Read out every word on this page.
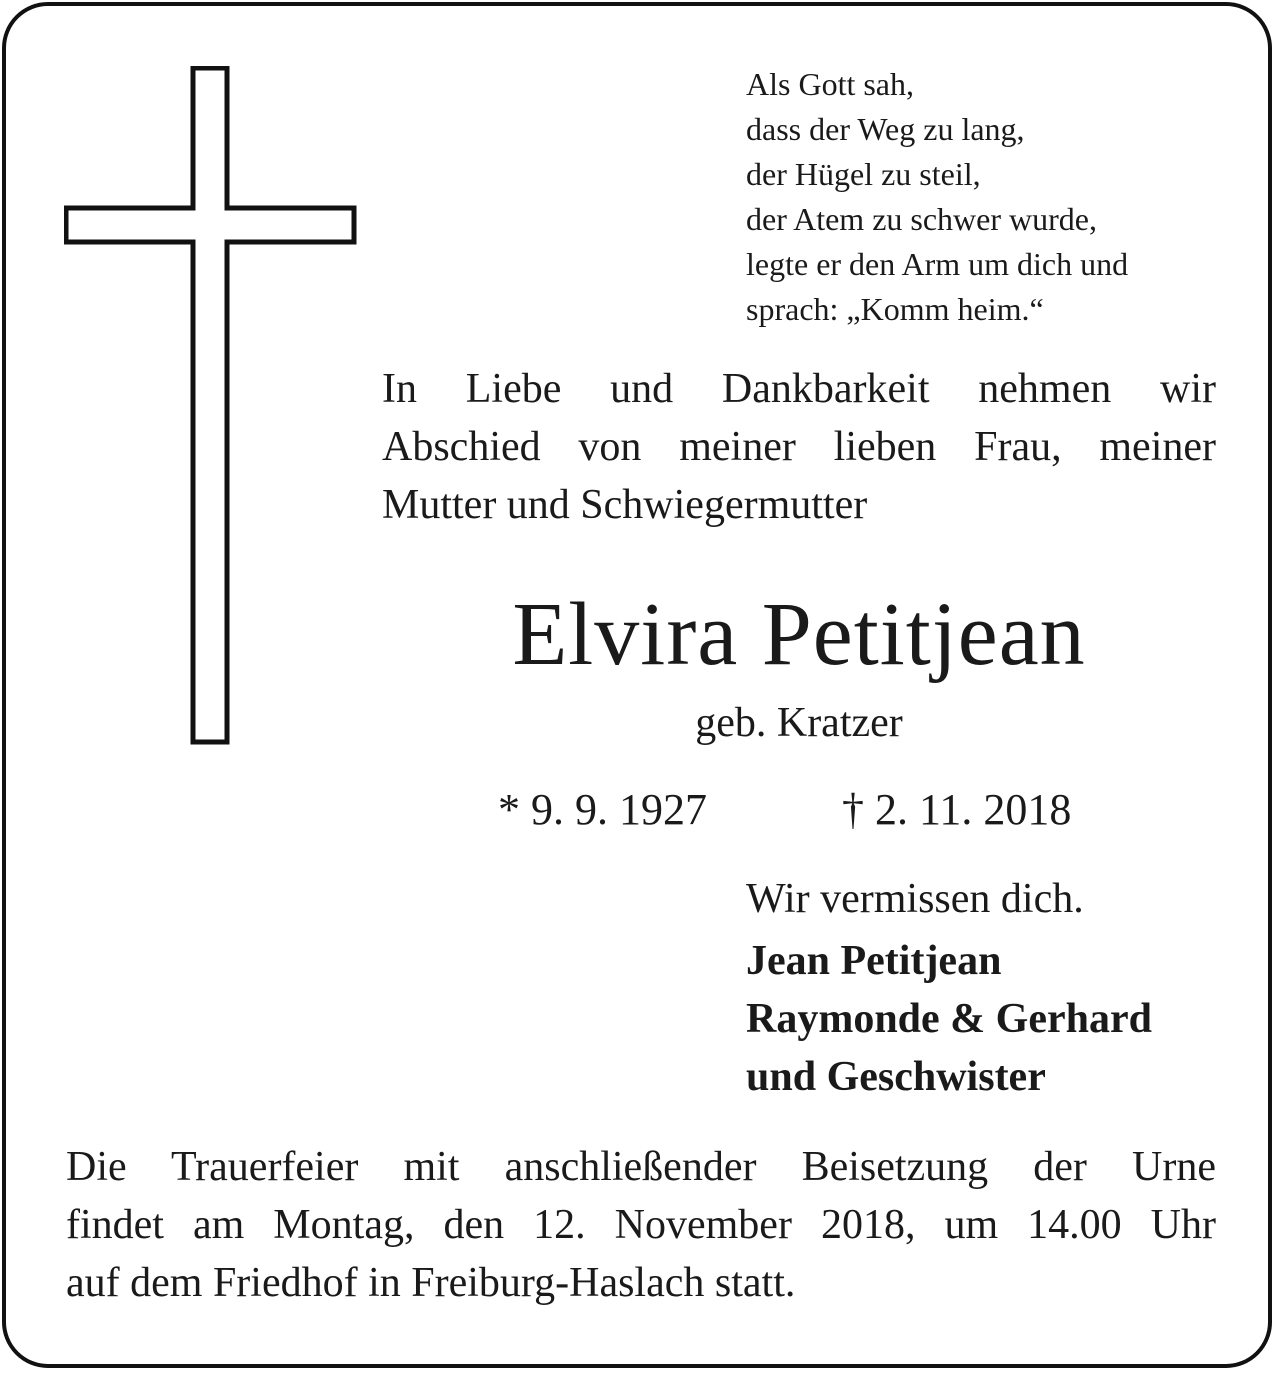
Als Gott sah,
dass der Weg zu lang,
der Hügel zu steil,
der Atem zu schwer wurde,
legte er den Arm um dich und
sprach: „Komm heim.“
In Liebe und Dankbarkeit nehmen wir
Abschied von meiner lieben Frau, meiner
Mutter und Schwiegermutter
Elvira Petitjean
geb. Kratzer
* 9. 9. 1927	† 2. 11. 2018
Wir vermissen dich.
Jean Petitjean
Raymonde & Gerhard
und Geschwister
Die Trauerfeier mit anschließender Beisetzung der Urne
findet am Montag, den 12. November 2018, um 14.00 Uhr
auf dem Friedhof in Freiburg-Haslach statt.
